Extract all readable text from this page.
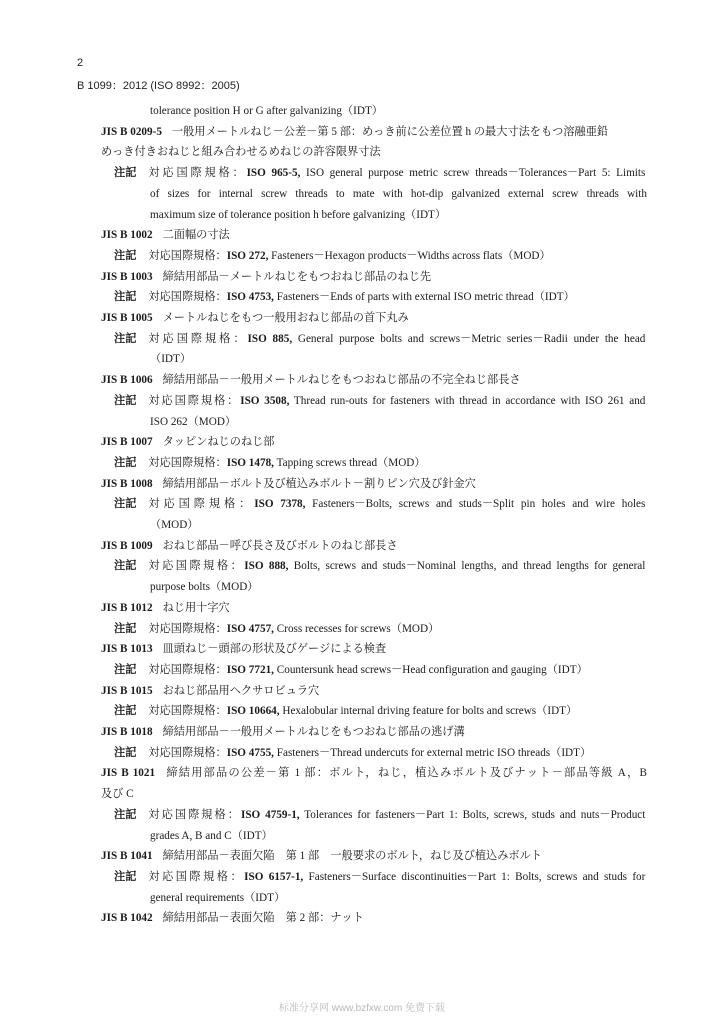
2
B 1099：2012 (ISO 8992：2005)
tolerance position H or G after galvanizing（IDT）
JIS B 0209-5 一般用メートルねじ－公差－第 5 部：めっき前に公差位置 h の最大寸法をもつ溶融亜鉛
めっき付きおねじと組み合わせるめねじの許容限界寸法
注記 対応国際規格：ISO 965-5, ISO general purpose metric screw threads－Tolerances－Part 5: Limits
of sizes for internal screw threads to mate with hot-dip galvanized external screw threads with
maximum size of tolerance position h before galvanizing（IDT）
JIS B 1002 二面幅の寸法
注記 対応国際規格：ISO 272, Fasteners－Hexagon products－Widths across flats（MOD）
JIS B 1003 締結用部品－メートルねじをもつおねじ部品のねじ先
注記 対応国際規格：ISO 4753, Fasteners－Ends of parts with external ISO metric thread（IDT）
JIS B 1005 メートルねじをもつ一般用おねじ部品の首下丸み
注記 対応国際規格：ISO 885, General purpose bolts and screws－Metric series－Radii under the head
（IDT）
JIS B 1006 締結用部品－一般用メートルねじをもつおねじ部品の不完全ねじ部長さ
注記 対応国際規格：ISO 3508, Thread run-outs for fasteners with thread in accordance with ISO 261 and
ISO 262（MOD）
JIS B 1007 タッピンねじのねじ部
注記 対応国際規格：ISO 1478, Tapping screws thread（MOD）
JIS B 1008 締結用部品－ボルト及び植込みボルト－割りピン穴及び針金穴
注記 対応国際規格：ISO 7378, Fasteners－Bolts, screws and studs－Split pin holes and wire holes
（MOD）
JIS B 1009 おねじ部品－呼び長さ及びボルトのねじ部長さ
注記 対応国際規格：ISO 888, Bolts, screws and studs－Nominal lengths, and thread lengths for general
purpose bolts（MOD）
JIS B 1012 ねじ用十字穴
注記 対応国際規格：ISO 4757, Cross recesses for screws（MOD）
JIS B 1013 皿頭ねじ－頭部の形状及びゲージによる検査
注記 対応国際規格：ISO 7721, Countersunk head screws－Head configuration and gauging（IDT）
JIS B 1015 おねじ部品用ヘクサロビュラ穴
注記 対応国際規格：ISO 10664, Hexalobular internal driving feature for bolts and screws（IDT）
JIS B 1018 締結用部品－一般用メートルねじをもつおねじ部品の逃げ溝
注記 対応国際規格：ISO 4755, Fasteners－Thread undercuts for external metric ISO threads（IDT）
JIS B 1021 締結用部品の公差－第 1 部：ボルト，ねじ，植込みボルト及びナット－部品等級 A，B
及び C
注記 対応国際規格：ISO 4759-1, Tolerances for fasteners－Part 1: Bolts, screws, studs and nuts－Product
grades A, B and C（IDT）
JIS B 1041 締結用部品－表面欠陥　第 1 部　一般要求のボルト，ねじ及び植込みボルト
注記 対応国際規格：ISO 6157-1, Fasteners－Surface discontinuities－Part 1: Bolts, screws and studs for
general requirements（IDT）
JIS B 1042 締結用部品－表面欠陥　第 2 部：ナット
标准分享网 www.bzfxw.com 免费下载
